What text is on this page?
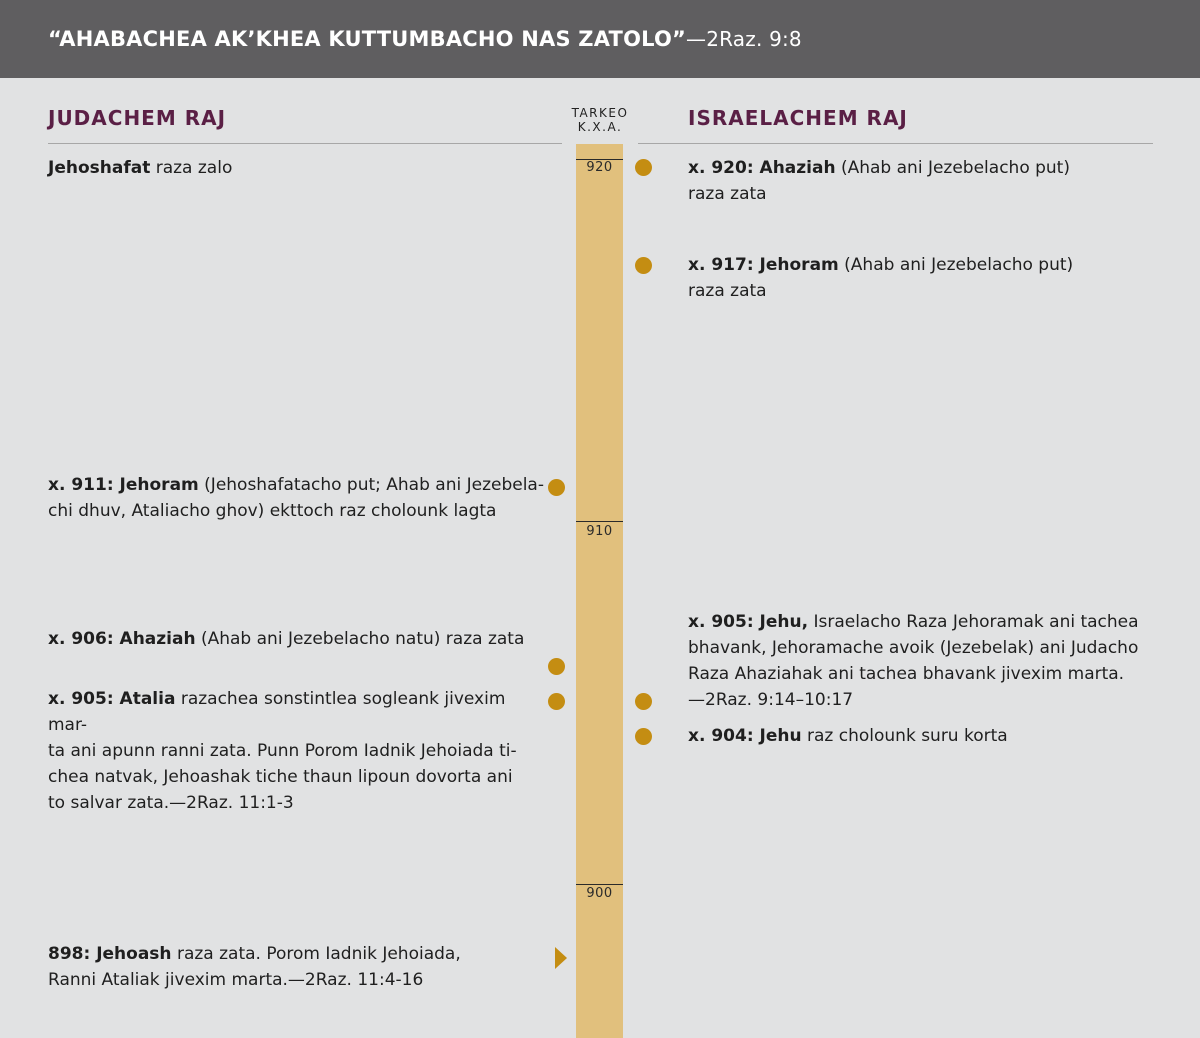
“AHABACHEA AK’KHEA KUTTUMBACHO NAS ZATOLO”—2Raz. 9:8
JUDACHEM RAJ	TARKEO
K.X.A.	ISRAELACHEM RAJ
920
910
900
Jehoshafat raza zalo
x. 911: Jehoram (Jehoshafatacho put; Ahab ani Jezebela-
chi dhuv, Ataliacho ghov) ekttoch raz cholounk lagta
x. 906: Ahaziah (Ahab ani Jezebelacho natu) raza zata
x. 905: Atalia razachea sonstintlea sogleank jivexim mar-
ta ani apunn ranni zata. Punn Porom Iadnik Jehoiada ti-
chea natvak, Jehoashak tiche thaun lipoun dovorta ani
to salvar zata.—2Raz. 11:1-3
898: Jehoash raza zata. Porom Iadnik Jehoiada,
Ranni Ataliak jivexim marta.—2Raz. 11:4-16
x. 920: Ahaziah (Ahab ani Jezebelacho put)
raza zata
x. 917: Jehoram (Ahab ani Jezebelacho put)
raza zata
x. 905: Jehu, Israelacho Raza Jehoramak ani tachea
bhavank, Jehoramache avoik (Jezebelak) ani Judacho
Raza Ahaziahak ani tachea bhavank jivexim marta.
—2Raz. 9:14–10:17
x. 904: Jehu raz cholounk suru korta
